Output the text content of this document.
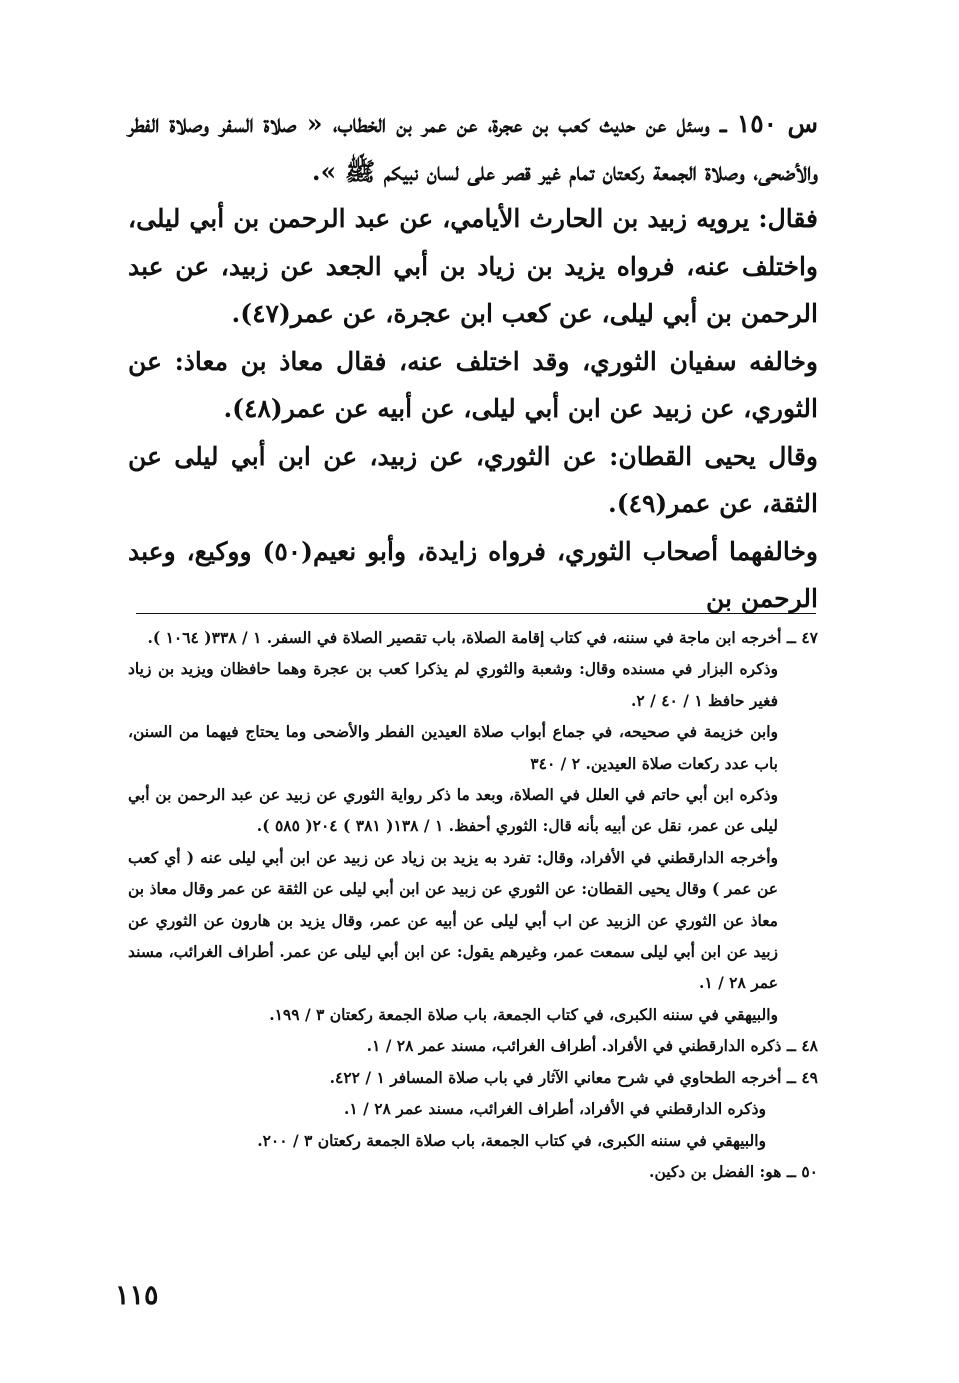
س ١٥٠ ــ وسئل عن حديث كعب بن عجرة، عن عمر بن الخطاب، « صلاة السفر وصلاة الفطر والأضحى، وصلاة الجمعة ركعتان تمام غير قصر على لسان نبيكم ﷺ ».

فقال: يرويه زبيد بن الحارث الأيامي، عن عبد الرحمن بن أبي ليلى، واختلف عنه، فرواه يزيد بن زياد بن أبي الجعد عن زبيد، عن عبد الرحمن بن أبي ليلى، عن كعب ابن عجرة، عن عمر(٤٧).

وخالفه سفيان الثوري، وقد اختلف عنه، فقال معاذ بن معاذ: عن الثوري، عن زبيد عن ابن أبي ليلى، عن أبيه عن عمر(٤٨).

وقال يحيى القطان: عن الثوري، عن زبيد، عن ابن أبي ليلى عن الثقة، عن عمر(٤٩).

وخالفهما أصحاب الثوري، فرواه زايدة، وأبو نعيم(٥٠) ووكيع، وعبد الرحمن بن

٤٧ ــ أخرجه ابن ماجة في سننه، في كتاب إقامة الصلاة، باب تقصير الصلاة في السفر. ١ / ٣٣٨( ١٠٦٤ ).

وذكره البزار في مسنده وقال: وشعبة والثوري لم يذكرا كعب بن عجرة وهما حافظان ويزيد بن زياد فغير حافظ ١ / ٤٠ / ٢.

وابن خزيمة في صحيحه، في جماع أبواب صلاة العيدين الفطر والأضحى وما يحتاج فيهما من السنن، باب عدد ركعات صلاة العيدين. ٢ / ٣٤٠

وذكره ابن أبي حاتم في العلل في الصلاة، وبعد ما ذكر رواية الثوري عن زبيد عن عبد الرحمن بن أبي ليلى عن عمر، نقل عن أبيه بأنه قال: الثوري أحفظ. ١ / ١٣٨( ٣٨١ ) ٢٠٤( ٥٨٥ ).

وأخرجه الدارقطني في الأفراد، وقال: تفرد به يزيد بن زياد عن زبيد عن ابن أبي ليلى عنه ( أي كعب عن عمر ) وقال يحيى القطان: عن الثوري عن زبيد عن ابن أبي ليلى عن الثقة عن عمر وقال معاذ بن معاذ عن الثوري عن الزبيد عن اب أبي ليلى عن أبيه عن عمر، وقال يزيد بن هارون عن الثوري عن زبيد عن ابن أبي ليلى سمعت عمر، وغيرهم يقول: عن ابن أبي ليلى عن عمر. أطراف الغرائب، مسند عمر ٢٨ / ١.

والبيهقي في سننه الكبرى، في كتاب الجمعة، باب صلاة الجمعة ركعتان ٣ / ١٩٩.

٤٨ ــ ذكره الدارقطني في الأفراد. أطراف الغرائب، مسند عمر ٢٨ / ١.

٤٩ ــ أخرجه الطحاوي في شرح معاني الآثار في باب صلاة المسافر ١ / ٤٢٢.

وذكره الدارقطني في الأفراد، أطراف الغرائب، مسند عمر ٢٨ / ١.

والبيهقي في سننه الكبرى، في كتاب الجمعة، باب صلاة الجمعة ركعتان ٣ / ٢٠٠.

٥٠ ــ هو: الفضل بن دكين.

١١٥
